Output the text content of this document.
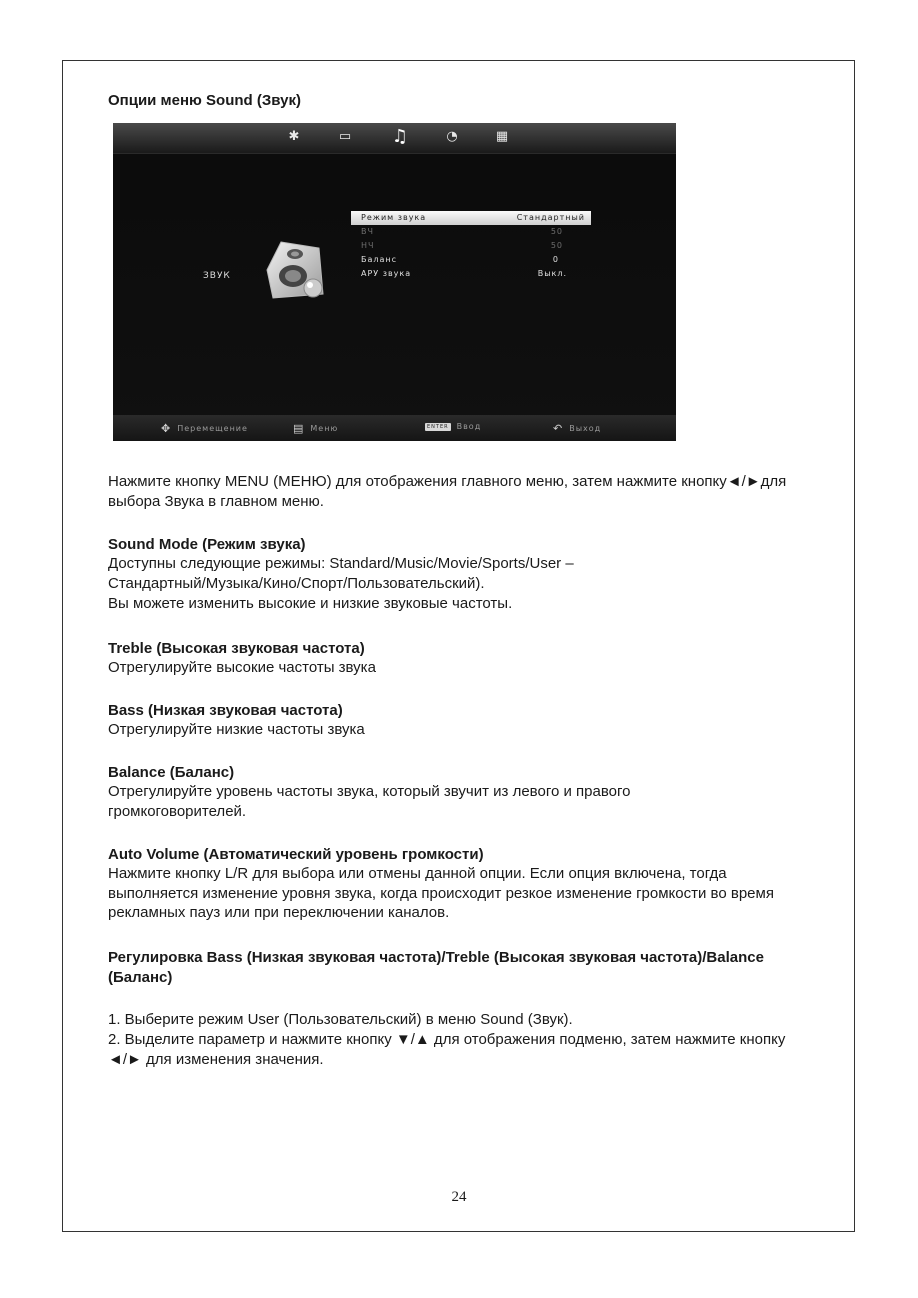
Опции меню Sound (Звук)
✱	▭ ♫	◔	▦
ЗВУК
Режим звука	Стандартный
ВЧ	50
НЧ	50
Баланс	0
АРУ звука	Выкл.
✥ Перемещение	▤ Меню	ENTER Ввод	↶ Выход
Нажмите кнопку MENU (МЕНЮ) для отображения главного меню, затем нажмите кнопку◄/►для выбора Звука в главном меню.
Sound Mode (Режим звука)
Доступны следующие режимы: Standard/Music/Movie/Sports/User –
Стандартный/Музыка/Кино/Спорт/Пользовательский).
Вы можете изменить высокие и низкие звуковые частоты.
Treble (Высокая звуковая частота)
Отрегулируйте высокие частоты звука
Bass (Низкая звуковая частота)
Отрегулируйте низкие частоты звука
Balance (Баланс)
Отрегулируйте уровень частоты звука, который звучит из левого и правого громкоговорителей.
Auto Volume (Автоматический уровень громкости)
Нажмите кнопку L/R для выбора или отмены данной опции. Если опция включена, тогда выполняется изменение уровня звука, когда происходит резкое изменение громкости во время рекламных пауз или при переключении каналов.
Регулировка Bass (Низкая звуковая частота)/Treble (Высокая звуковая частота)/Balance (Баланс)
1. Выберите режим User (Пользовательский) в меню Sound (Звук).
2. Выделите параметр и нажмите кнопку ▼/▲ для отображения подменю, затем нажмите кнопку ◄/► для изменения значения.
24
